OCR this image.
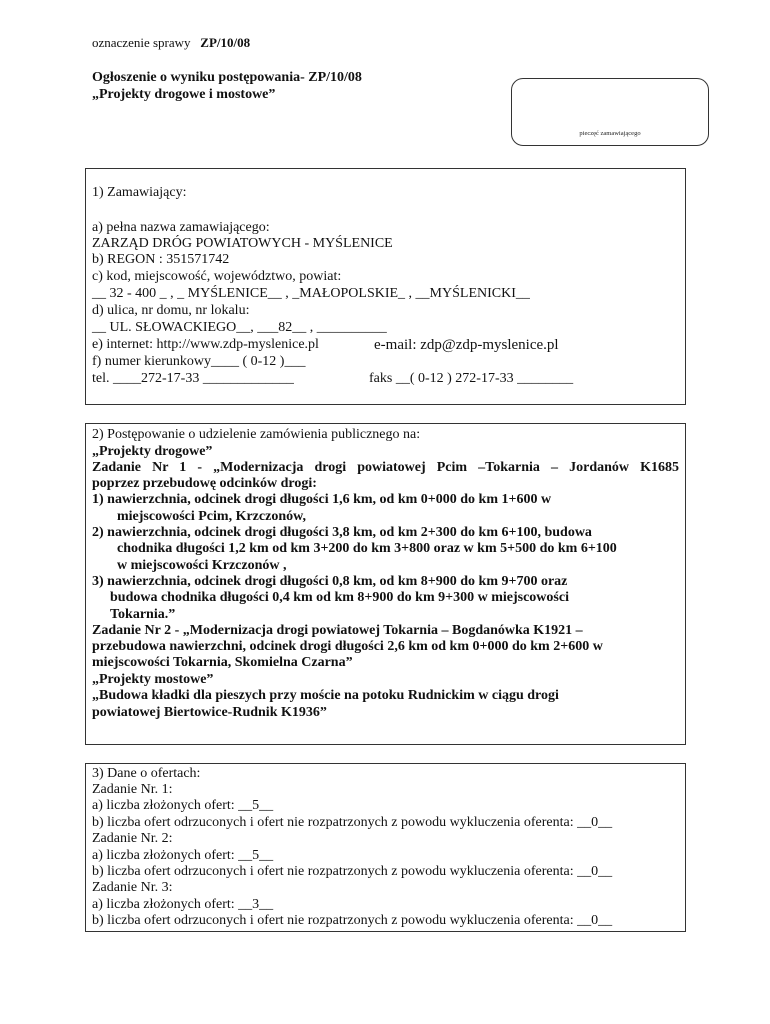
oznaczenie sprawy ZP/10/08
Ogłoszenie o wyniku postępowania- ZP/10/08
„Projekty drogowe i mostowe”
pieczęć zamawiającego
1) Zamawiający:
a) pełna nazwa zamawiającego:
ZARZĄD DRÓG POWIATOWYCH - MYŚLENICE
b) REGON : 351571742
c) kod, miejscowość, województwo, powiat:
__ 32 - 400 _ , _ MYŚLENICE__ , _MAŁOPOLSKIE_ , __MYŚLENICKI__
d) ulica, nr domu, nr lokalu:
__ UL. SŁOWACKIEGO__, ___82__ , __________
e) internet: http://www.zdp-myslenice.pl	e-mail: zdp@zdp-myslenice.pl
f) numer kierunkowy____ ( 0-12 )___
tel. ____272-17-33 _____________	faks __( 0-12 ) 272-17-33 ________
2) Postępowanie o udzielenie zamówienia publicznego na:
„Projekty drogowe”
Zadanie Nr 1 - „Modernizacja drogi powiatowej Pcim –Tokarnia – Jordanów K1685
poprzez przebudowę odcinków drogi:
1) nawierzchnia, odcinek drogi długości 1,6 km, od km 0+000 do km 1+600 w
miejscowości Pcim, Krzczonów,
2) nawierzchnia, odcinek drogi długości 3,8 km, od km 2+300 do km 6+100, budowa
chodnika długości 1,2 km od km 3+200 do km 3+800 oraz w km 5+500 do km 6+100
w miejscowości Krzczonów ,
3) nawierzchnia, odcinek drogi długości 0,8 km, od km 8+900 do km 9+700 oraz
budowa chodnika długości 0,4 km od km 8+900 do km 9+300 w miejscowości
Tokarnia.”
Zadanie Nr 2 - „Modernizacja drogi powiatowej Tokarnia – Bogdanówka K1921 –
przebudowa nawierzchni, odcinek drogi długości 2,6 km od km 0+000 do km 2+600 w
miejscowości Tokarnia, Skomielna Czarna”
„Projekty mostowe”
„Budowa kładki dla pieszych przy moście na potoku Rudnickim w ciągu drogi
powiatowej Biertowice-Rudnik K1936”
3) Dane o ofertach:
Zadanie Nr. 1:
a) liczba złożonych ofert: __5__
b) liczba ofert odrzuconych i ofert nie rozpatrzonych z powodu wykluczenia oferenta: __0__
Zadanie Nr. 2:
a) liczba złożonych ofert: __5__
b) liczba ofert odrzuconych i ofert nie rozpatrzonych z powodu wykluczenia oferenta: __0__
Zadanie Nr. 3:
a) liczba złożonych ofert: __3__
b) liczba ofert odrzuconych i ofert nie rozpatrzonych z powodu wykluczenia oferenta: __0__
